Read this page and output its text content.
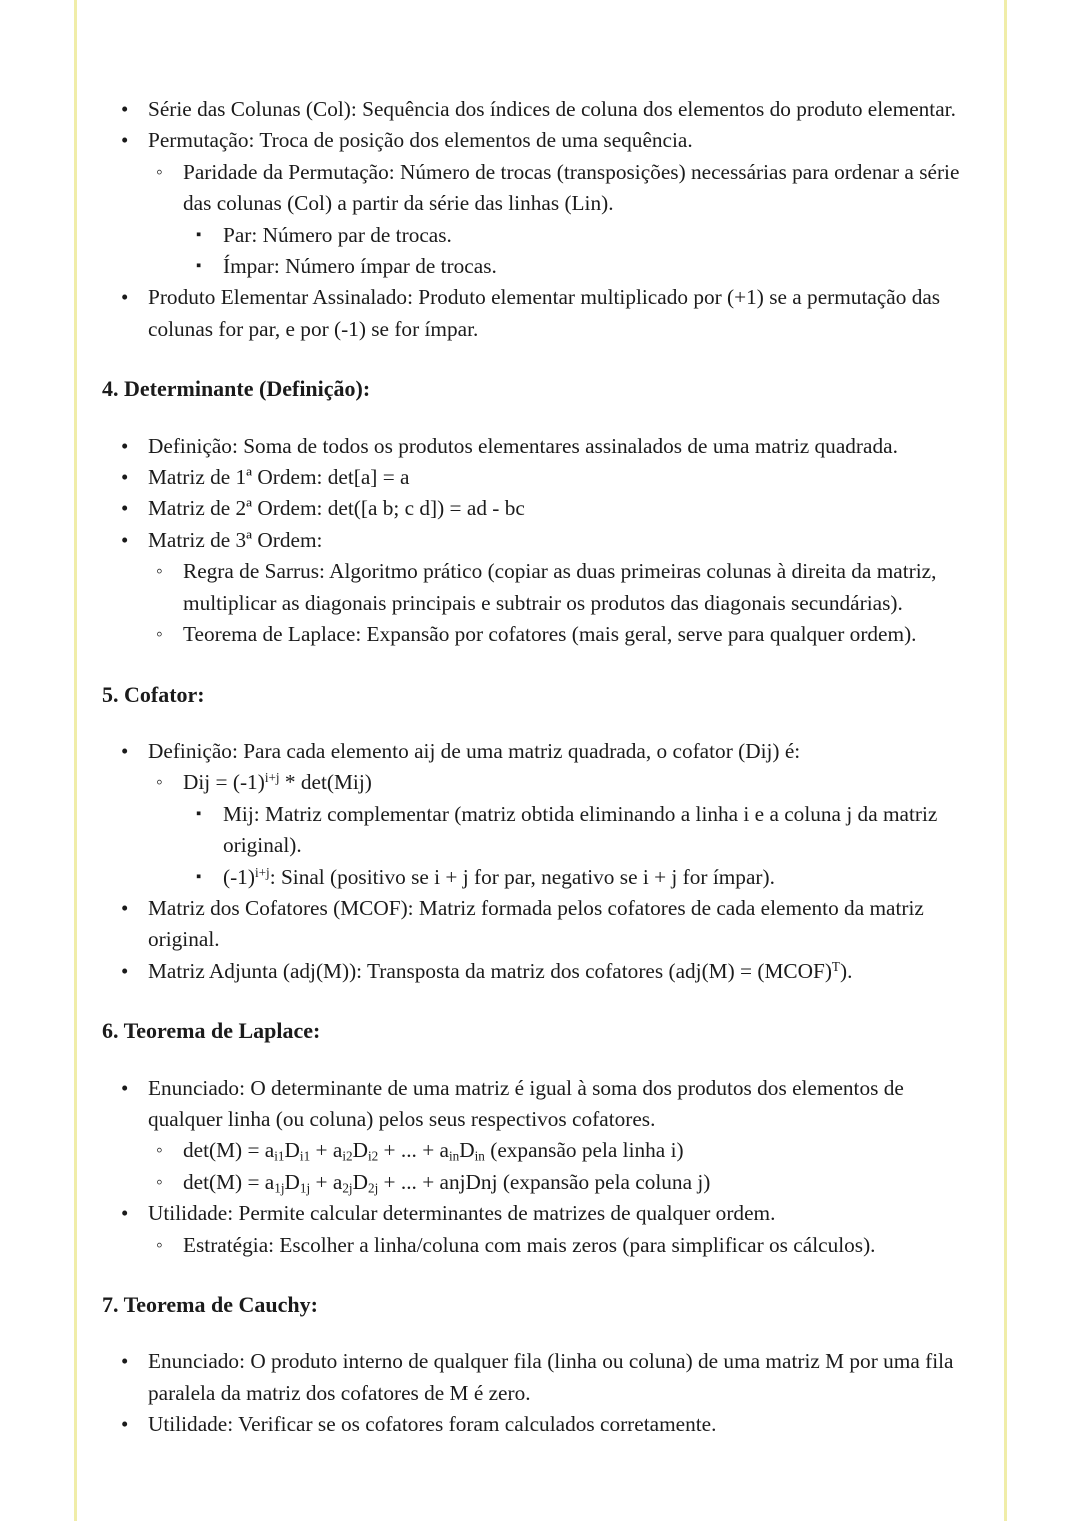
• Série das Colunas (Col): Sequência dos índices de coluna dos elementos do produto elementar.
• Permutação: Troca de posição dos elementos de uma sequência.
◦ Paridade da Permutação: Número de trocas (transposições) necessárias para ordenar a série das colunas (Col) a partir da série das linhas (Lin).
▪ Par: Número par de trocas.
▪ Ímpar: Número ímpar de trocas.
• Produto Elementar Assinalado: Produto elementar multiplicado por (+1) se a permutação das colunas for par, e por (-1) se for ímpar.
4. Determinante (Definição):
• Definição: Soma de todos os produtos elementares assinalados de uma matriz quadrada.
• Matriz de 1ª Ordem: det[a] = a
• Matriz de 2ª Ordem: det([a b; c d]) = ad - bc
• Matriz de 3ª Ordem:
◦ Regra de Sarrus: Algoritmo prático (copiar as duas primeiras colunas à direita da matriz, multiplicar as diagonais principais e subtrair os produtos das diagonais secundárias).
◦ Teorema de Laplace: Expansão por cofatores (mais geral, serve para qualquer ordem).
5. Cofator:
• Definição: Para cada elemento aij de uma matriz quadrada, o cofator (Dij) é:
◦ Dij = $(-1)^{i+j} * \det(Mij)$
▪ Mij: Matriz complementar (matriz obtida eliminando a linha i e a coluna j da matriz original).
▪ $(-1)^{i+j}$: Sinal (positivo se i + j for par, negativo se i + j for ímpar).
• Matriz dos Cofatores (MCOF): Matriz formada pelos cofatores de cada elemento da matriz original.
• Matriz Adjunta (adj(M)): Transposta da matriz dos cofatores (adj(M) = (MCOF)$^T$).
6. Teorema de Laplace:
• Enunciado: O determinante de uma matriz é igual à soma dos produtos dos elementos de qualquer linha (ou coluna) pelos seus respectivos cofatores.
◦ $\det(M) = a_{i1}D_{i1} + a_{i2}D_{i2}$ + ... + $a_{in}D_{in}$ (expansão pela linha i)
◦ $\det(M) = a_{1j}D_{1j} + a_{2j}D_{2j}$ + ... + anjDnj (expansão pela coluna j)
• Utilidade: Permite calcular determinantes de matrizes de qualquer ordem.
◦ Estratégia: Escolher a linha/coluna com mais zeros (para simplificar os cálculos).
7. Teorema de Cauchy:
• Enunciado: O produto interno de qualquer fila (linha ou coluna) de uma matriz M por uma fila paralela da matriz dos cofatores de M é zero.
• Utilidade: Verificar se os cofatores foram calculados corretamente.
